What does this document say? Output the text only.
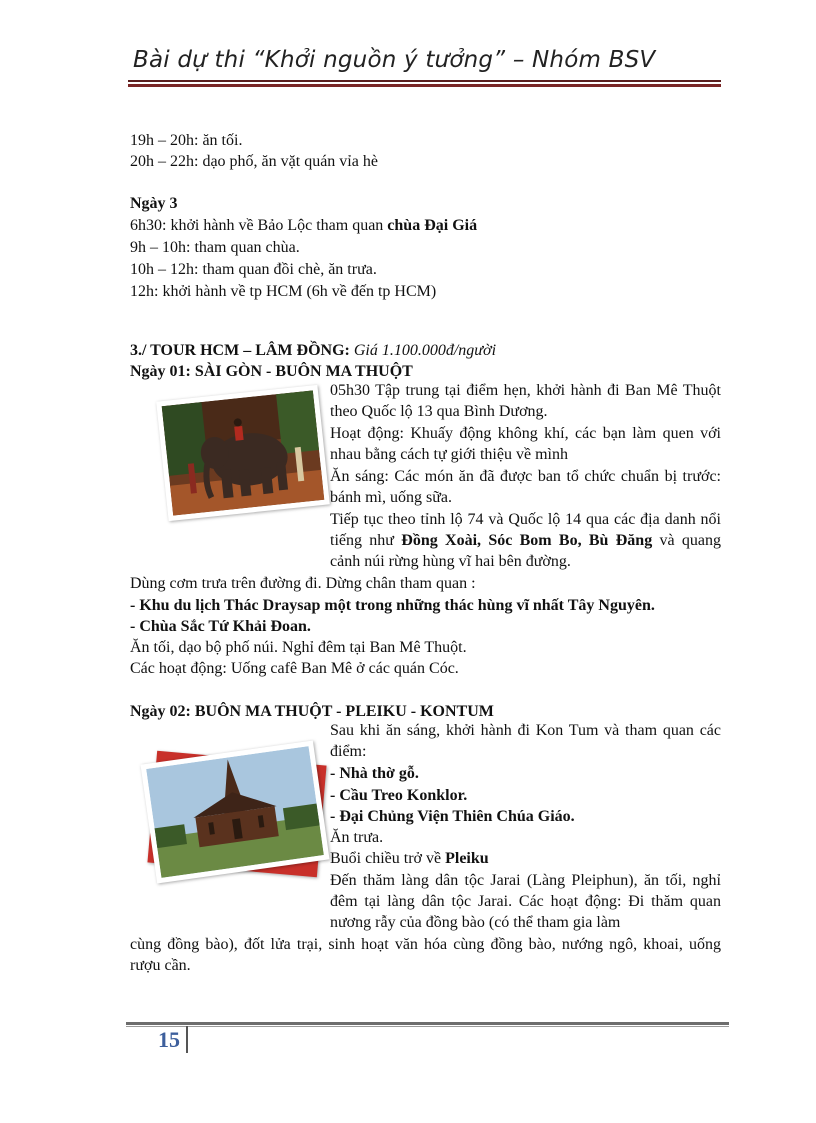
Bài dự thi “Khởi nguồn ý tưởng” – Nhóm BSV
19h – 20h: ăn tối.
20h – 22h: dạo phố, ăn vặt quán vỉa hè
Ngày 3
6h30: khởi hành về Bảo Lộc tham quan chùa Đại Giá
9h – 10h: tham quan chùa.
10h – 12h: tham quan đồi chè, ăn trưa.
12h: khởi hành về tp HCM (6h về đến tp HCM)
3./ TOUR HCM – LÂM ĐỒNG: Giá 1.100.000đ/người
Ngày 01: SÀI GÒN - BUÔN MA THUỘT
05h30 Tập trung tại điểm hẹn, khởi hành đi Ban Mê Thuột theo Quốc lộ 13 qua Bình Dương.
Hoạt động: Khuấy động không khí, các bạn làm quen với nhau bằng cách tự giới thiệu về mình
Ăn sáng: Các món ăn đã được ban tổ chức chuẩn bị trước: bánh mì, uống sữa.
Tiếp tục theo tỉnh lộ 74 và Quốc lộ 14 qua các địa danh nổi tiếng như Đồng Xoài, Sóc Bom Bo, Bù Đăng và quang cảnh núi rừng hùng vĩ hai bên đường.
Dùng cơm trưa trên đường đi. Dừng chân tham quan :
- Khu du lịch Thác Draysap một trong những thác hùng vĩ nhất Tây Nguyên.
- Chùa Sắc Tứ Khải Đoan.
Ăn tối, dạo bộ phố núi. Nghỉ đêm tại Ban Mê Thuột.
Các hoạt động: Uống cafê Ban Mê ở các quán Cóc.
Ngày 02: BUÔN MA THUỘT - PLEIKU - KONTUM
Sau khi ăn sáng, khởi hành đi Kon Tum và tham quan các điểm:
- Nhà thờ gỗ.
- Cầu Treo Konklor.
- Đại Chủng Viện Thiên Chúa Giáo.
Ăn trưa.
Buổi chiều trở về Pleiku
Đến thăm làng dân tộc Jarai (Làng Pleiphun), ăn tối, nghỉ đêm tại làng dân tộc Jarai. Các hoạt động: Đi thăm quan nương rẫy của đồng bào (có thể tham gia làm
cùng đồng bào), đốt lửa trại, sinh hoạt văn hóa cùng đồng bào, nướng ngô, khoai, uống rượu cần.
15
